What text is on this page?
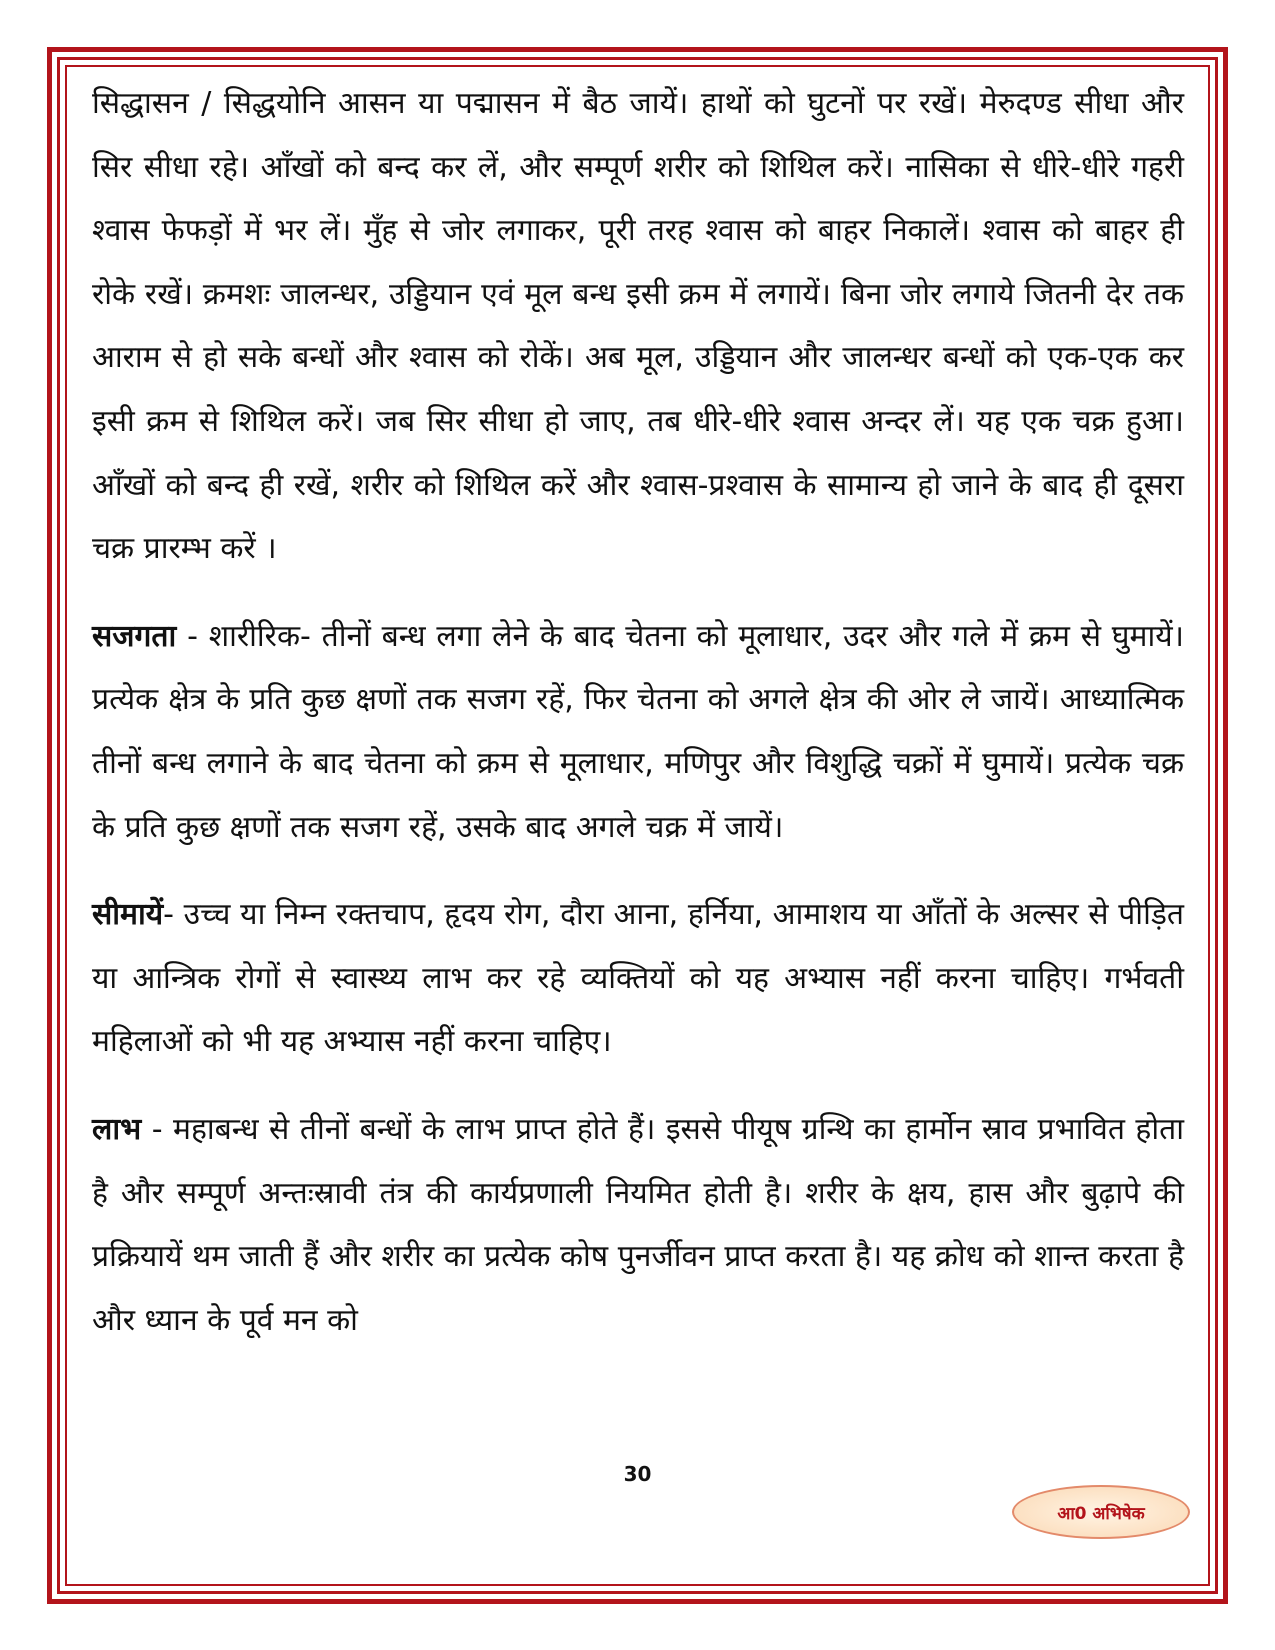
सिद्धासन / सिद्धयोनि आसन या पद्मासन में बैठ जायें। हाथों को घुटनों पर रखें। मेरुदण्ड सीधा और सिर सीधा रहे। आँखों को बन्द कर लें, और सम्पूर्ण शरीर को शिथिल करें। नासिका से धीरे-धीरे गहरी श्वास फेफड़ों में भर लें। मुँह से जोर लगाकर, पूरी तरह श्वास को बाहर निकालें। श्वास को बाहर ही रोके रखें। क्रमशः जालन्धर, उड्डियान एवं मूल बन्ध इसी क्रम में लगायें। बिना जोर लगाये जितनी देर तक आराम से हो सके बन्धों और श्वास को रोकें। अब मूल, उड्डियान और जालन्धर बन्धों को एक-एक कर इसी क्रम से शिथिल करें। जब सिर सीधा हो जाए, तब धीरे-धीरे श्वास अन्दर लें। यह एक चक्र हुआ। आँखों को बन्द ही रखें, शरीर को शिथिल करें और श्वास-प्रश्वास के सामान्य हो जाने के बाद ही दूसरा चक्र प्रारम्भ करें ।

सजगता - शारीरिक- तीनों बन्ध लगा लेने के बाद चेतना को मूलाधार, उदर और गले में क्रम से घुमायें। प्रत्येक क्षेत्र के प्रति कुछ क्षणों तक सजग रहें, फिर चेतना को अगले क्षेत्र की ओर ले जायें। आध्यात्मिक तीनों बन्ध लगाने के बाद चेतना को क्रम से मूलाधार, मणिपुर और विशुद्धि चक्रों में घुमायें। प्रत्येक चक्र के प्रति कुछ क्षणों तक सजग रहें, उसके बाद अगले चक्र में जायें।

सीमायें- उच्च या निम्न रक्तचाप, हृदय रोग, दौरा आना, हर्निया, आमाशय या आँतों के अल्सर से पीड़ित या आन्त्रिक रोगों से स्वास्थ्य लाभ कर रहे व्यक्तियों को यह अभ्यास नहीं करना चाहिए। गर्भवती महिलाओं को भी यह अभ्यास नहीं करना चाहिए।

लाभ - महाबन्ध से तीनों बन्धों के लाभ प्राप्त होते हैं। इससे पीयूष ग्रन्थि का हार्मोन स्राव प्रभावित होता है और सम्पूर्ण अन्तःस्रावी तंत्र की कार्यप्रणाली नियमित होती है। शरीर के क्षय, हास और बुढ़ापे की प्रक्रियायें थम जाती हैं और शरीर का प्रत्येक कोष पुनर्जीवन प्राप्त करता है। यह क्रोध को शान्त करता है और ध्यान के पूर्व मन को

30
आ0 अभिषेक
